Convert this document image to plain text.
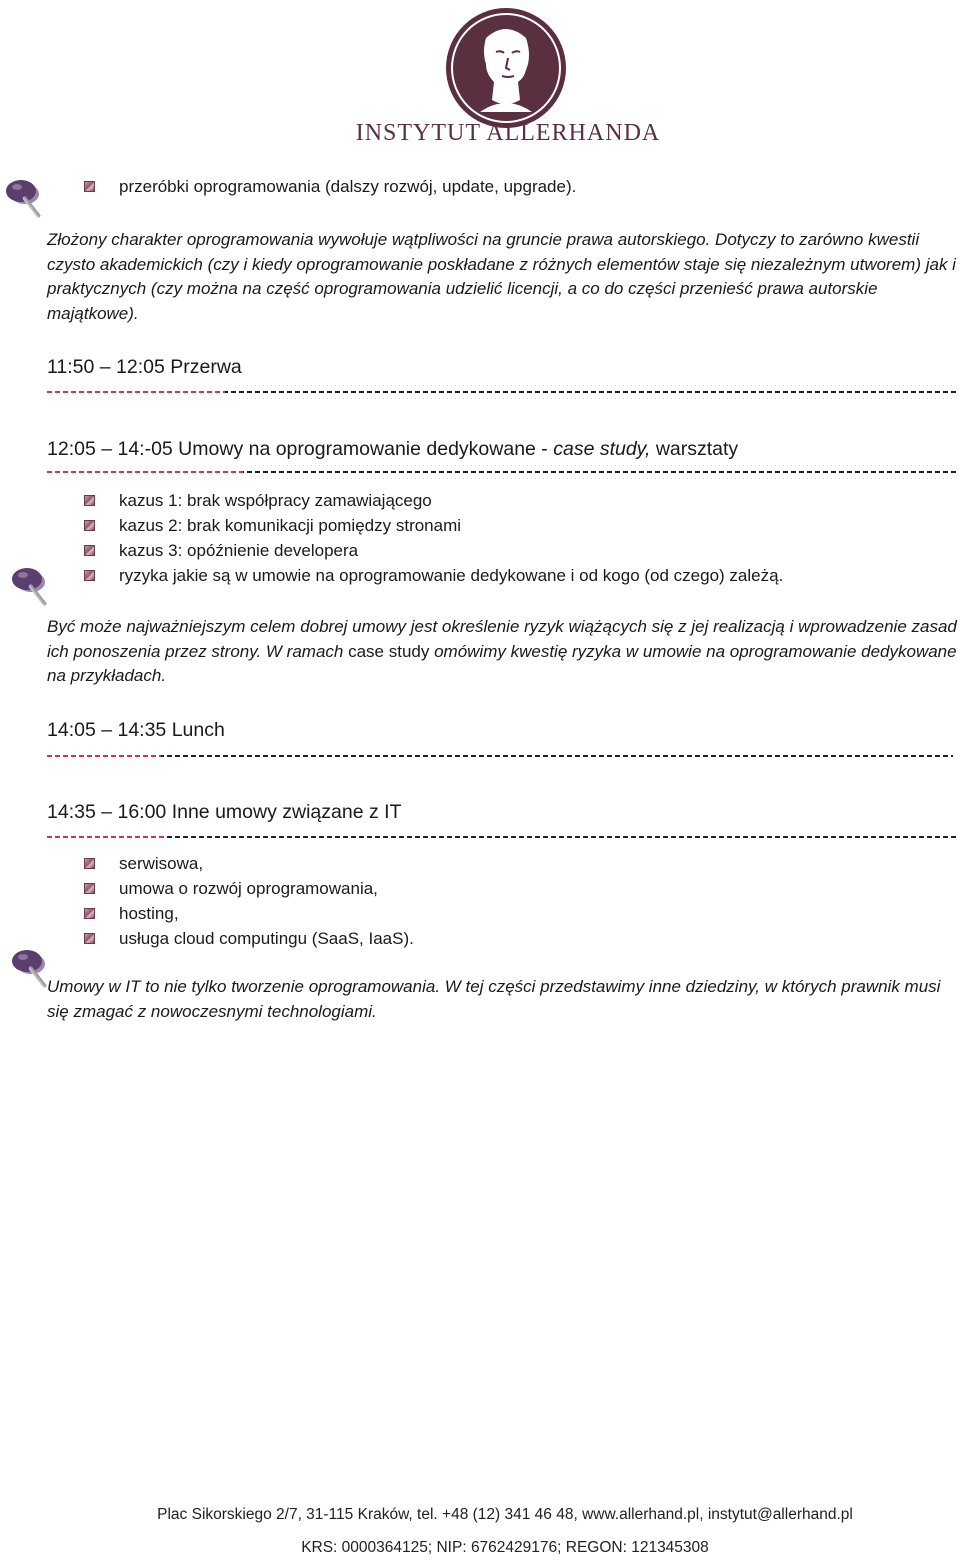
INSTYTUT ALLERHANDA
przeróbki oprogramowania (dalszy rozwój, update, upgrade).
Złożony charakter oprogramowania wywołuje wątpliwości na gruncie prawa autorskiego. Dotyczy to zarówno kwestii czysto akademickich (czy i kiedy oprogramowanie poskładane z różnych elementów staje się niezależnym utworem) jak i praktycznych (czy można na część oprogramowania udzielić licencji, a co do części przenieść prawa autorskie majątkowe).
11:50 – 12:05 Przerwa
12:05 – 14:-05 Umowy na oprogramowanie dedykowane - case study, warsztaty
kazus 1: brak współpracy zamawiającego
kazus 2: brak komunikacji pomiędzy stronami
kazus 3: opóźnienie developera
ryzyka jakie są w umowie na oprogramowanie dedykowane i od kogo (od czego) zależą.
Być może najważniejszym celem dobrej umowy jest określenie ryzyk wiążących się z jej realizacją i wprowadzenie zasad ich ponoszenia przez strony. W ramach case study omówimy kwestię ryzyka w umowie na oprogramowanie dedykowane na przykładach.
14:05 – 14:35 Lunch
14:35 – 16:00 Inne umowy związane z IT
serwisowa,
umowa o rozwój oprogramowania,
hosting,
usługa cloud computingu (SaaS, IaaS).
Umowy w IT to nie tylko tworzenie oprogramowania. W tej części przedstawimy inne dziedziny, w których prawnik musi się zmagać z nowoczesnymi technologiami.
Plac Sikorskiego 2/7, 31-115 Kraków, tel. +48 (12) 341 46 48, www.allerhand.pl, instytut@allerhand.pl
KRS: 0000364125; NIP: 6762429176; REGON: 121345308
